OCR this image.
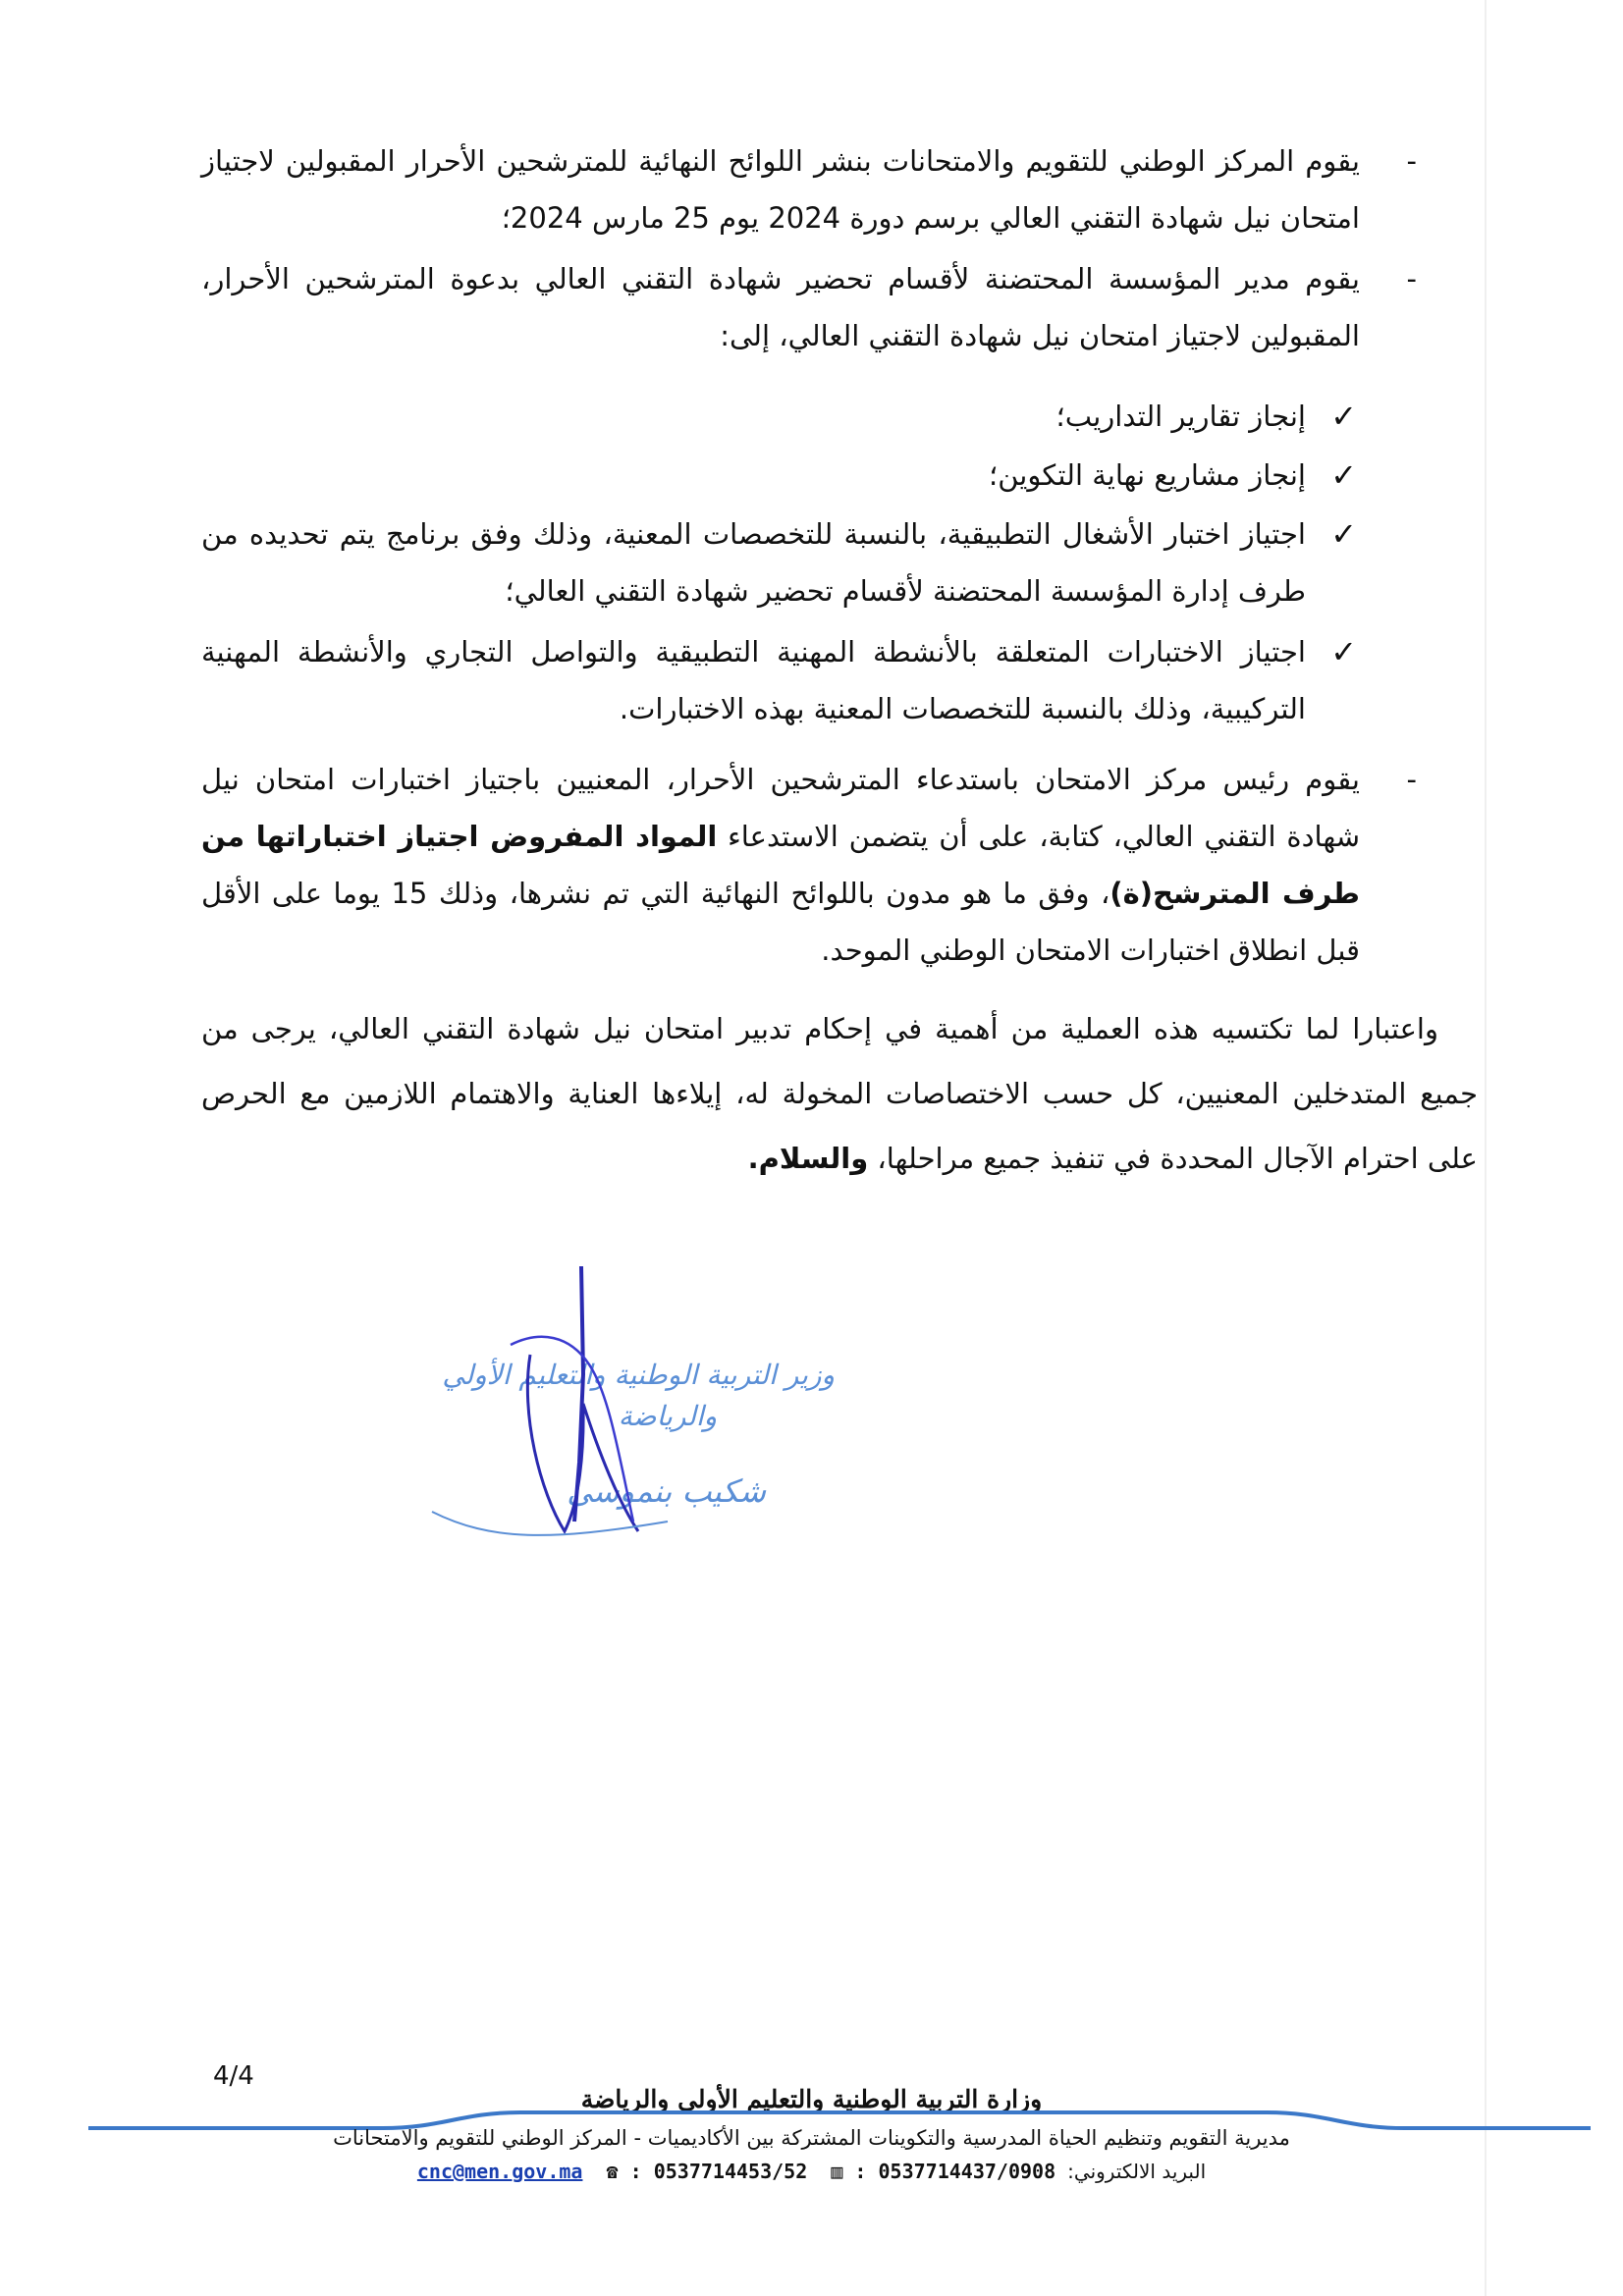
-
يقوم المركز الوطني للتقويم والامتحانات بنشر اللوائح النهائية للمترشحين الأحرار المقبولين لاجتياز
امتحان نيل شهادة التقني العالي برسم دورة 2024 يوم 25 مارس 2024؛
-
يقوم مدير المؤسسة المحتضنة لأقسام تحضير شهادة التقني العالي بدعوة المترشحين الأحرار،
المقبولين لاجتياز امتحان نيل شهادة التقني العالي، إلى:
✓
إنجاز تقارير التداريب؛
✓
إنجاز مشاريع نهاية التكوين؛
✓
اجتياز اختبار الأشغال التطبيقية، بالنسبة للتخصصات المعنية، وذلك وفق برنامج يتم تحديده من طرف إدارة المؤسسة المحتضنة لأقسام تحضير شهادة التقني العالي؛
✓
اجتياز الاختبارات المتعلقة بالأنشطة المهنية التطبيقية والتواصل التجاري والأنشطة المهنية التركيبية، وذلك بالنسبة للتخصصات المعنية بهذه الاختبارات.
-
يقوم رئيس مركز الامتحان باستدعاء المترشحين الأحرار، المعنيين باجتياز اختبارات امتحان نيل شهادة التقني العالي، كتابة، على أن يتضمن الاستدعاء المواد المفروض اجتياز اختباراتها من طرف المترشح(ة)، وفق ما هو مدون باللوائح النهائية التي تم نشرها، وذلك 15 يوما على الأقل قبل انطلاق اختبارات الامتحان الوطني الموحد.
واعتبارا لما تكتسيه هذه العملية من أهمية في إحكام تدبير امتحان نيل شهادة التقني العالي، يرجى من جميع المتدخلين المعنيين، كل حسب الاختصاصات المخولة له، إيلاءها العناية والاهتمام اللازمين مع الحرص على احترام الآجال المحددة في تنفيذ جميع مراحلها، والسلام.
وزير التربية الوطنية والتعليم الأولي
والرياضة
شكيب بنموسى
4/4
وزارة التربية الوطنية والتعليم الأولي والرياضة
مديرية التقويم وتنظيم الحياة المدرسية والتكوينات المشتركة بين الأكاديميات - المركز الوطني للتقويم والامتحانات
البريد الالكتروني: cnc@men.gov.ma  ☎ : 0537714453/52  ▥ : 0537714437/0908
